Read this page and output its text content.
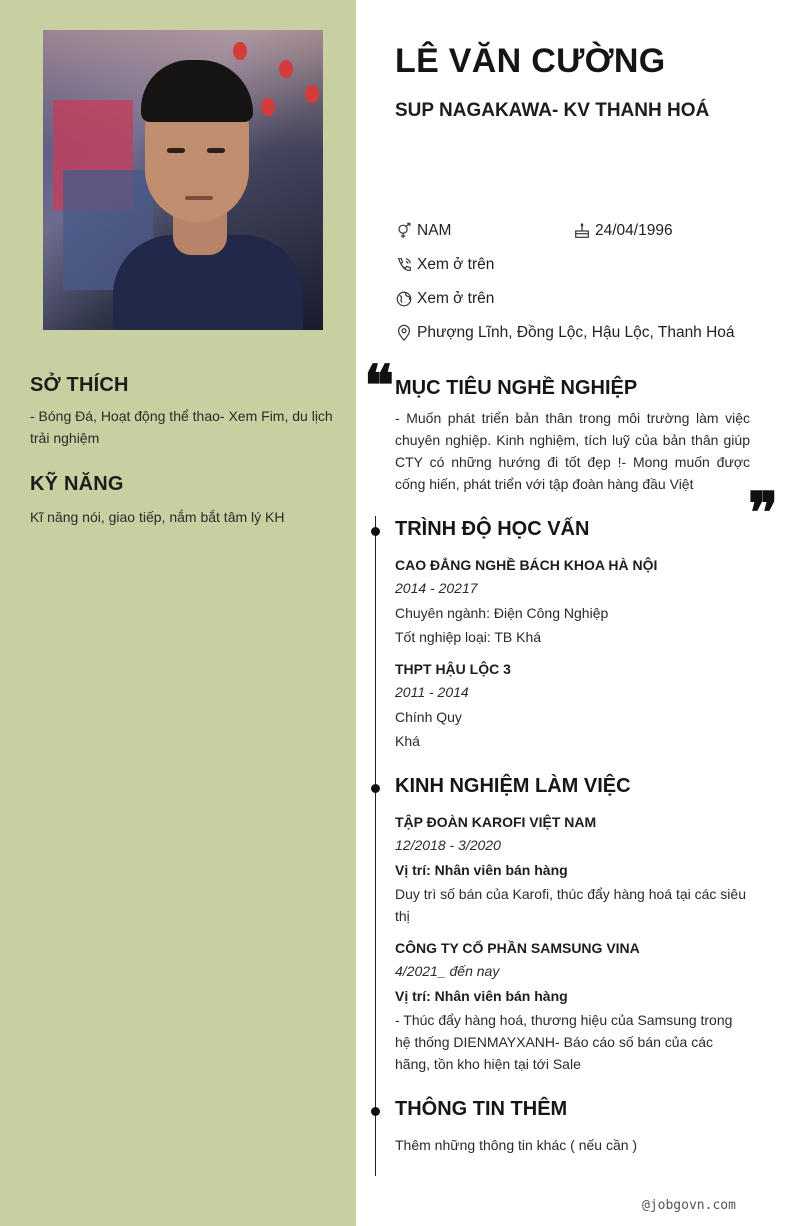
SỞ THÍCH
- Bóng Đá, Hoạt động thể thao- Xem Fim, du lịch trải nghiệm
KỸ NĂNG
Kĩ năng nói, giao tiếp, nắm bắt tâm lý KH
LÊ VĂN CƯỜNG
SUP NAGAKAWA- KV THANH HOÁ
NAM	24/04/1996
Xem ở trên
Xem ở trên
Phượng Lĩnh, Đồng Lộc, Hậu Lộc, Thanh Hoá
❝ MỤC TIÊU NGHỀ NGHIỆP
- Muốn phát triển bản thân trong môi trường làm việc chuyên nghiệp. Kinh nghiệm, tích luỹ của bản thân giúp CTY có những hướng đi tốt đẹp !- Mong muốn được cống hiến, phát triển với tập đoàn hàng đầu Việt ❞
TRÌNH ĐỘ HỌC VẤN
CAO ĐẲNG NGHỀ BÁCH KHOA HÀ NỘI
2014 - 20217
Chuyên ngành: Điện Công Nghiệp
Tốt nghiệp loại: TB Khá
THPT HẬU LỘC 3
2011 - 2014
Chính Quy
Khá
KINH NGHIỆM LÀM VIỆC
TẬP ĐOÀN KAROFI VIỆT NAM
12/2018 - 3/2020
Vị trí: Nhân viên bán hàng
Duy trì số bán của Karofi, thúc đẩy hàng hoá tại các siêu thị
CÔNG TY CỔ PHẦN SAMSUNG VINA
4/2021_ đến nay
Vị trí: Nhân viên bán hàng
- Thúc đẩy hàng hoá, thương hiệu của Samsung trong hệ thống DIENMAYXANH- Báo cáo số bán của các hãng, tồn kho hiện tại tới Sale
THÔNG TIN THÊM
Thêm những thông tin khác ( nếu cần )
@jobgovn.com
